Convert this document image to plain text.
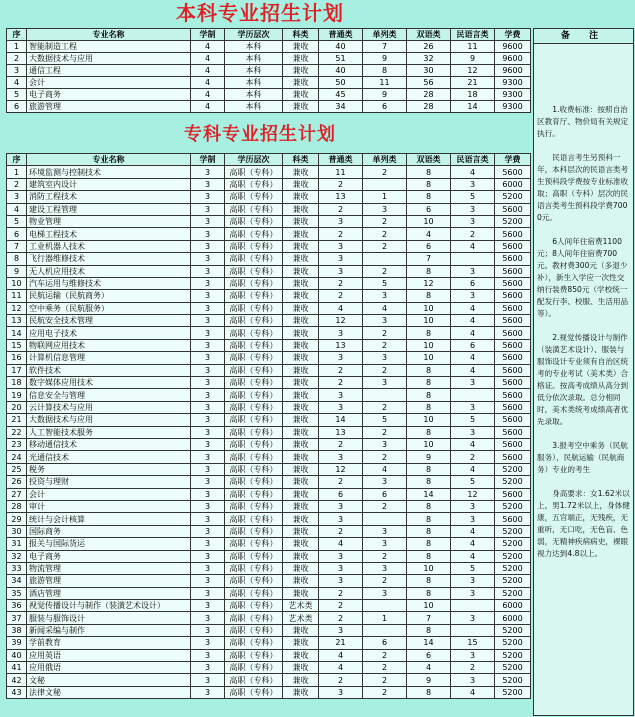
本科专业招生计划
序	专业名称	学制	学历层次	科类	普通类	单列类	双语类	民语言类	学费
1	智能制造工程	4	本科	兼收	40	7	26	11	9600
2	大数据技术与应用	4	本科	兼收	51	9	32	9	9600
3	通信工程	4	本科	兼收	40	8	30	12	9600
4	会计	4	本科	兼收	50	11	56	21	9300
5	电子商务	4	本科	兼收	45	9	28	18	9300
6	旅游管理	4	本科	兼收	34	6	28	14	9300
专科专业招生计划
序	专业名称	学制	学历层次	科类	普通类	单列类	双语类	民语言类	学费
1	环境监测与控制技术	3	高职（专科）	兼收	11	2	8	4	5600
2	建筑室内设计	3	高职（专科）	兼收	2		8	3	6000
3	消防工程技术	3	高职（专科）	兼收	13	1	8	5	5200
4	建设工程管理	3	高职（专科）	兼收	2	3	6	3	5600
5	物业管理	3	高职（专科）	兼收	3	2	10	3	5200
6	电梯工程技术	3	高职（专科）	兼收	2	2	4	2	5600
7	工业机器人技术	3	高职（专科）	兼收	3	2	6	4	5600
8	飞行器维修技术	3	高职（专科）	兼收	3		7		5600
9	无人机应用技术	3	高职（专科）	兼收	3	2	8	3	5600
10	汽车运用与维修技术	3	高职（专科）	兼收	2	5	12	6	5600
11	民航运输（民航商务）	3	高职（专科）	兼收	2	3	8	3	5600
12	空中乘务（民航服务）	3	高职（专科）	兼收	4	4	10	4	5600
13	民航安全技术管理	3	高职（专科）	兼收	12	3	10	4	5600
14	应用电子技术	3	高职（专科）	兼收	3	2	8	4	5600
15	物联网应用技术	3	高职（专科）	兼收	13	2	10	6	5600
16	计算机信息管理	3	高职（专科）	兼收	3	3	10	4	5600
17	软件技术	3	高职（专科）	兼收	2	2	8	4	5600
18	数字媒体应用技术	3	高职（专科）	兼收	2	3	8	3	5600
19	信息安全与管理	3	高职（专科）	兼收	3		8		5600
20	云计算技术与应用	3	高职（专科）	兼收	3	2	8	3	5600
21	大数据技术与应用	3	高职（专科）	兼收	14	5	10	5	5600
22	人工智能技术服务	3	高职（专科）	兼收	13	2	8	3	5600
23	移动通信技术	3	高职（专科）	兼收	2	3	10	4	5600
24	光通信技术	3	高职（专科）	兼收	3	2	9	2	5600
25	税务	3	高职（专科）	兼收	12	4	8	4	5200
26	投资与理财	3	高职（专科）	兼收	2	3	8	5	5200
27	会计	3	高职（专科）	兼收	6	6	14	12	5600
28	审计	3	高职（专科）	兼收	3	2	8	3	5200
29	统计与会计核算	3	高职（专科）	兼收	3		8	3	5600
30	国际商务	3	高职（专科）	兼收	2	3	8	4	5200
31	报关与国际货运	3	高职（专科）	兼收	4	3	8	4	5200
32	电子商务	3	高职（专科）	兼收	3	2	8	4	5200
33	物流管理	3	高职（专科）	兼收	3	3	10	5	5200
34	旅游管理	3	高职（专科）	兼收	3	2	8	3	5200
35	酒店管理	3	高职（专科）	兼收	2	3	8	3	5200
36	视觉传播设计与制作（装潢艺术设计）	3	高职（专科）	艺术类	2		10		6000
37	服装与服饰设计	3	高职（专科）	艺术类	2	1	7	3	6000
38	新闻采编与制作	3	高职（专科）	兼收	3		8		5200
39	学前教育	3	高职（专科）	兼收	21	6	14	15	5200
40	应用英语	3	高职（专科）	兼收	4	2	6	3	5200
41	应用俄语	3	高职（专科）	兼收	4	2	4	2	5200
42	文秘	3	高职（专科）	兼收	2	2	9	3	5200
43	法律文秘	3	高职（专科）	兼收	3	2	8	4	5200
备 注
1.收费标准：按照自治区教育厅、物价局有关规定执行。
民语言考生另预科一年，本科层次的民语言类考生预科段学费按专业标准收取；高职（专科）层次的民语言类考生预科段学费7000元。
6人间年住宿费1100元；8人间年住宿费700元。教材费300元（多退少补），新生入学应一次性交纳行装费850元（学校统一配发行李、校服、生活用品等）。
2.视觉传播设计与制作（装潢艺术设计）、服装与服饰设计专业须有自治区统考的专业考试（美术类）合格证。按高考成绩从高分到低分依次录取。总分相同时，美术类统考成绩高者优先录取。
3.报考空中乘务（民航服务）、民航运输（民航商务）专业的考生
身高要求：女1.62米以上，男1.72米以上，身体健康，五官端正，无残疾，无重听，无口吃，无色盲、色弱，无精神疾病病史，裸眼视力达到4.8以上。
